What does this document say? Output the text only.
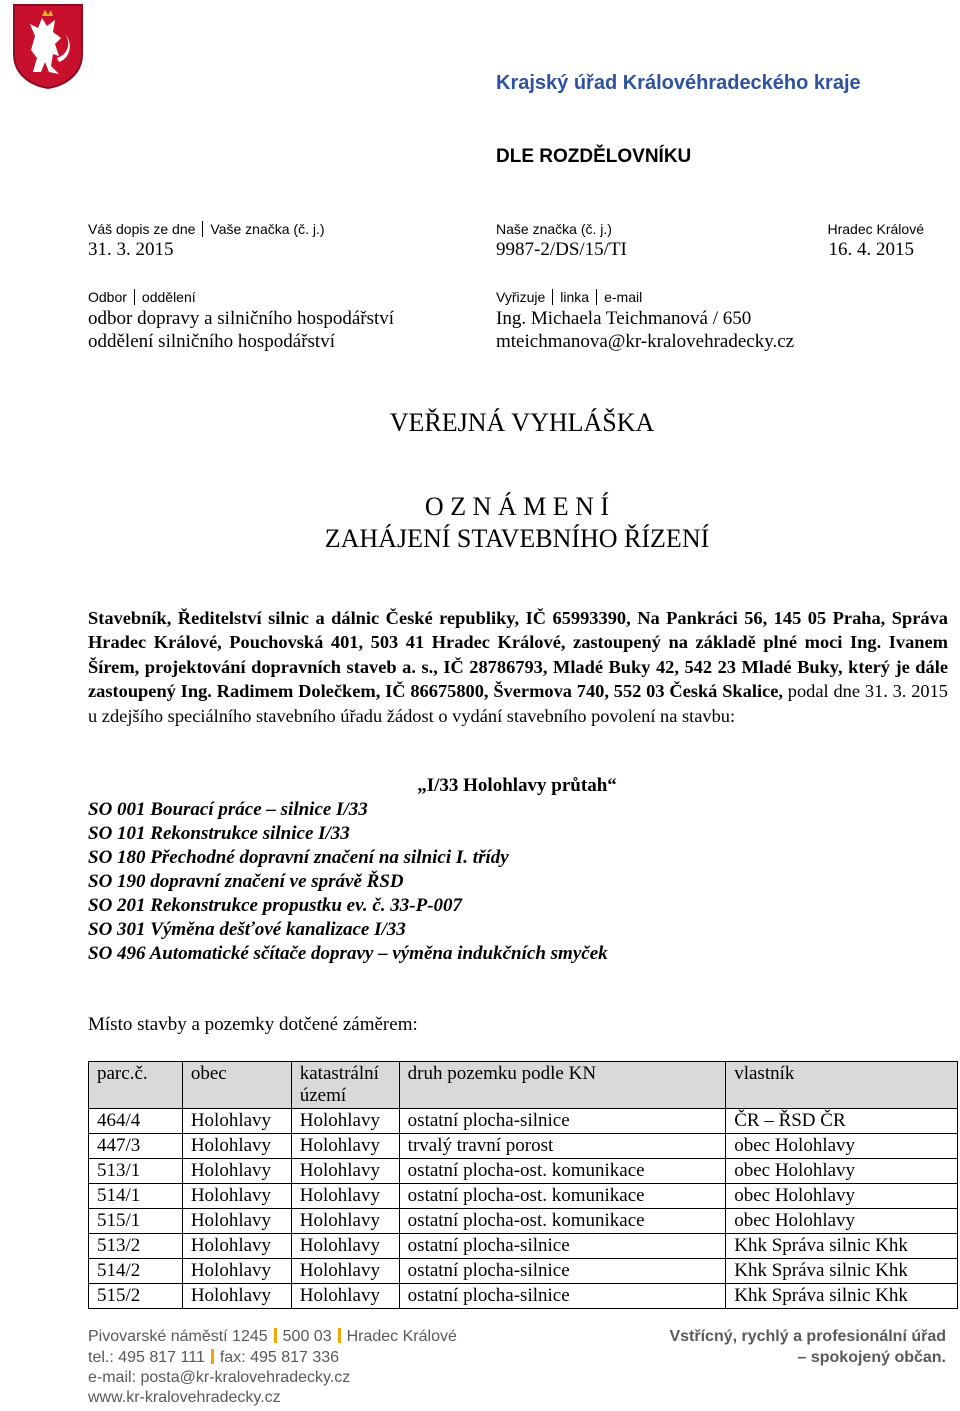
Krajský úřad Královéhradeckého kraje
DLE ROZDĚLOVNÍKU
Váš dopis ze dne Vaše značka (č. j.)
31. 3. 2015
Naše značka (č. j.)
9987-2/DS/15/TI
Hradec Králové
16. 4. 2015
Odbor oddělení
odbor dopravy a silničního hospodářství
oddělení silničního hospodářství
Vyřizuje linka e-mail
Ing. Michaela Teichmanová / 650
mteichmanova@kr-kralovehradecky.cz
VEŘEJNÁ VYHLÁŠKA
O Z N Á M E N Í
ZAHÁJENÍ STAVEBNÍHO ŘÍZENÍ
Stavebník, Ředitelství silnic a dálnic České republiky, IČ 65993390, Na Pankráci 56, 145 05 Praha, Správa Hradec Králové, Pouchovská 401, 503 41 Hradec Králové, zastoupený na základě plné moci Ing. Ivanem Šírem, projektování dopravních staveb a. s., IČ 28786793, Mladé Buky 42, 542 23 Mladé Buky, který je dále zastoupený Ing. Radimem Dolečkem, IČ 86675800, Švermova 740, 552 03 Česká Skalice, podal dne 31. 3. 2015 u zdejšího speciálního stavebního úřadu žádost o vydání stavebního povolení na stavbu:
„I/33 Holohlavy průtah“
SO 001 Bourací práce – silnice I/33
SO 101 Rekonstrukce silnice I/33
SO 180 Přechodné dopravní značení na silnici I. třídy
SO 190 dopravní značení ve správě ŘSD
SO 201 Rekonstrukce propustku ev. č. 33-P-007
SO 301 Výměna dešťové kanalizace I/33
SO 496 Automatické sčítače dopravy – výměna indukčních smyček
Místo stavby a pozemky dotčené záměrem:
parc.č.	obec	katastrální území	druh pozemku podle KN	vlastník
464/4	Holohlavy	Holohlavy	ostatní plocha-silnice	ČR – ŘSD ČR
447/3	Holohlavy	Holohlavy	trvalý travní porost	obec Holohlavy
513/1	Holohlavy	Holohlavy	ostatní plocha-ost. komunikace	obec Holohlavy
514/1	Holohlavy	Holohlavy	ostatní plocha-ost. komunikace	obec Holohlavy
515/1	Holohlavy	Holohlavy	ostatní plocha-ost. komunikace	obec Holohlavy
513/2	Holohlavy	Holohlavy	ostatní plocha-silnice	Khk Správa silnic Khk
514/2	Holohlavy	Holohlavy	ostatní plocha-silnice	Khk Správa silnic Khk
515/2	Holohlavy	Holohlavy	ostatní plocha-silnice	Khk Správa silnic Khk
Pivovarské náměstí 1245 500 03 Hradec Králové
tel.: 495 817 111 fax: 495 817 336
e-mail: posta@kr-kralovehradecky.cz
www.kr-kralovehradecky.cz
Vstřícný, rychlý a profesionální úřad
– spokojený občan.
